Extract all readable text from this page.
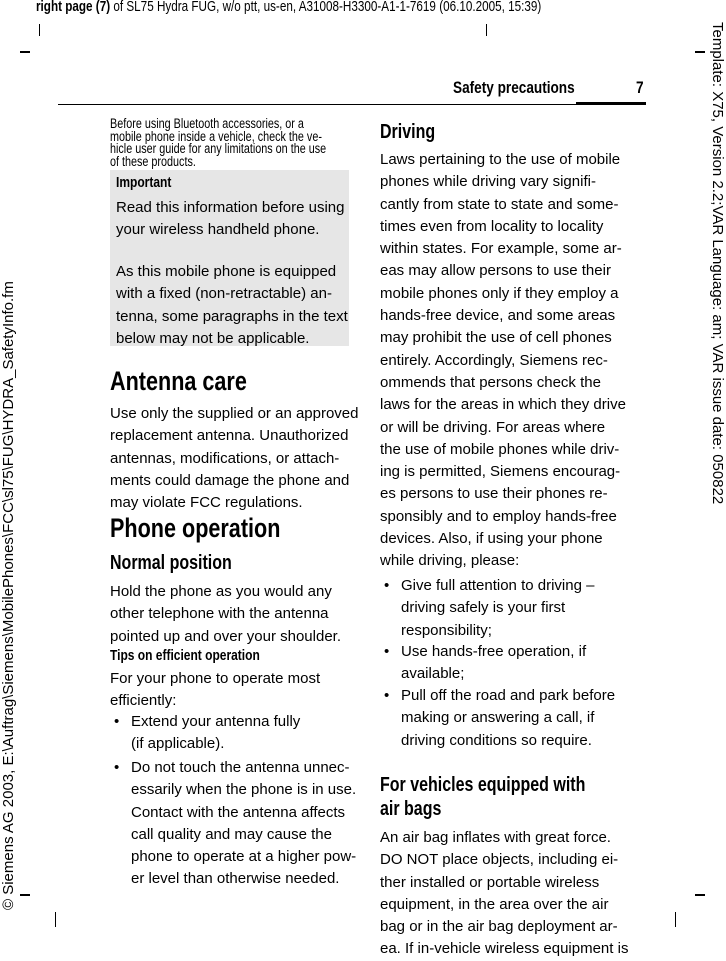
right page (7) of SL75 Hydra FUG, w/o ptt, us-en, A31008-H3300-A1-1-7619 (06.10.2005, 15:39)
© Siemens AG 2003, E:\Auftrag\Siemens\MobilePhones\FCC\sl75\FUG\HYDRA_SafetyInfo.fm
Template: X75, Version 2.2;VAR Language: am; VAR issue date: 050822
Safety precautions	7
Before using Bluetooth accessories, or a
mobile phone inside a vehicle, check the ve-
hicle user guide for any limitations on the use
of these products.
Important
Read this information before using
your wireless handheld phone.
As this mobile phone is equipped
with a fixed (non-retractable) an-
tenna, some paragraphs in the text
below may not be applicable.
Antenna care
Use only the supplied or an approved
replacement antenna. Unauthorized
antennas, modifications, or attach-
ments could damage the phone and
may violate FCC regulations.
Phone operation
Normal position
Hold the phone as you would any
other telephone with the antenna
pointed up and over your shoulder.
Tips on efficient operation
For your phone to operate most
efficiently:
• Extend your antenna fully
(if applicable).
• Do not touch the antenna unnec-
essarily when the phone is in use.
Contact with the antenna affects
call quality and may cause the
phone to operate at a higher pow-
er level than otherwise needed.
Driving
Laws pertaining to the use of mobile
phones while driving vary signifi-
cantly from state to state and some-
times even from locality to locality
within states. For example, some ar-
eas may allow persons to use their
mobile phones only if they employ a
hands-free device, and some areas
may prohibit the use of cell phones
entirely. Accordingly, Siemens rec-
ommends that persons check the
laws for the areas in which they drive
or will be driving. For areas where
the use of mobile phones while driv-
ing is permitted, Siemens encourag-
es persons to use their phones re-
sponsibly and to employ hands-free
devices. Also, if using your phone
while driving, please:
• Give full attention to driving –
driving safely is your first
responsibility;
• Use hands-free operation, if
available;
• Pull off the road and park before
making or answering a call, if
driving conditions so require.
For vehicles equipped with
air bags
An air bag inflates with great force.
DO NOT place objects, including ei-
ther installed or portable wireless
equipment, in the area over the air
bag or in the air bag deployment ar-
ea. If in-vehicle wireless equipment is
